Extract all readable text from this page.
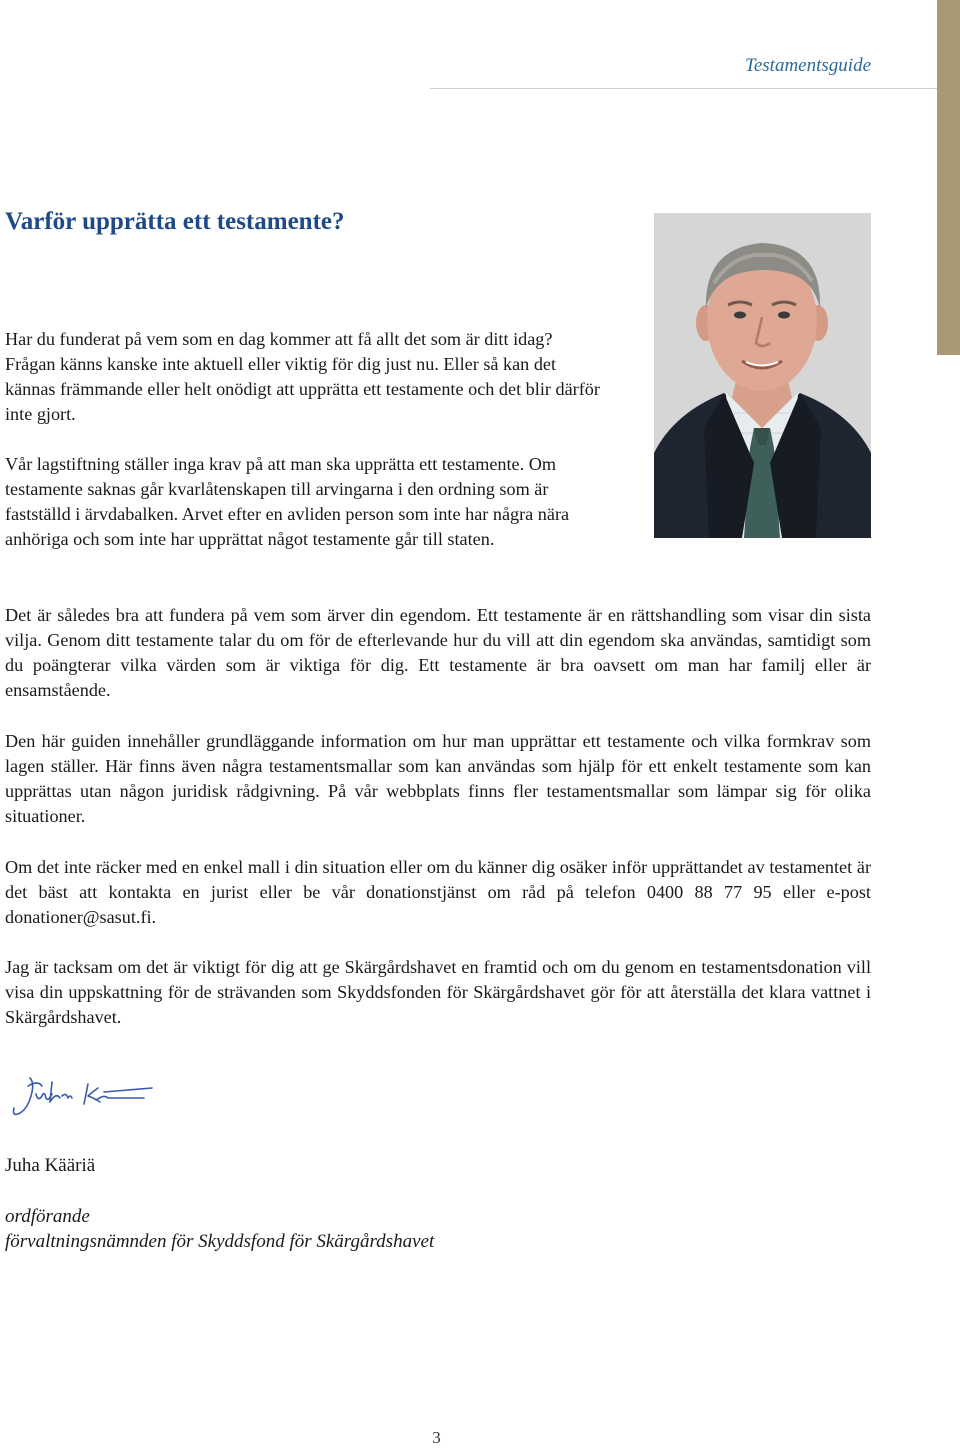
Testamentsguide
Varför upprätta ett testamente?

Har du funderat på vem som en dag kommer att få allt det som är ditt idag? Frågan känns kanske inte aktuell eller viktig för dig just nu. Eller så kan det kännas främmande eller helt onödigt att upprätta ett testamente och det blir därför inte gjort.

Vår lagstiftning ställer inga krav på att man ska upprätta ett testamente. Om testamente saknas går kvarlåtenskapen till arvingarna i den ordning som är fastställd i ärvdabalken. Arvet efter en avliden person som inte har några nära anhöriga och som inte har upprättat något testamente går till staten.

Det är således bra att fundera på vem som ärver din egendom. Ett testamente är en rättshandling som visar din sista vilja. Genom ditt testamente talar du om för de efterlevande hur du vill att din egendom ska användas, samtidigt som du poängterar vilka värden som är viktiga för dig. Ett testamente är bra oavsett om man har familj eller är ensamstående.

Den här guiden innehåller grundläggande information om hur man upprättar ett testamente och vilka formkrav som lagen ställer. Här finns även några testamentsmallar som kan användas som hjälp för ett enkelt testamente som kan upprättas utan någon juridisk rådgivning. På vår webbplats finns fler testamentsmallar som lämpar sig för olika situationer.

Om det inte räcker med en enkel mall i din situation eller om du känner dig osäker inför upprättandet av testamentet är det bäst att kontakta en jurist eller be vår donationstjänst om råd på telefon 0400 88 77 95 eller e-post donationer@sasut.fi.

Jag är tacksam om det är viktigt för dig att ge Skärgårdshavet en framtid och om du genom en testamentsdonation vill visa din uppskattning för de strävanden som Skyddsfonden för Skärgårdshavet gör för att återställa det klara vattnet i Skärgårdshavet.

Juha Kääriä
ordförande
förvaltningsnämnden för Skyddsfond för Skärgårdshavet
3
